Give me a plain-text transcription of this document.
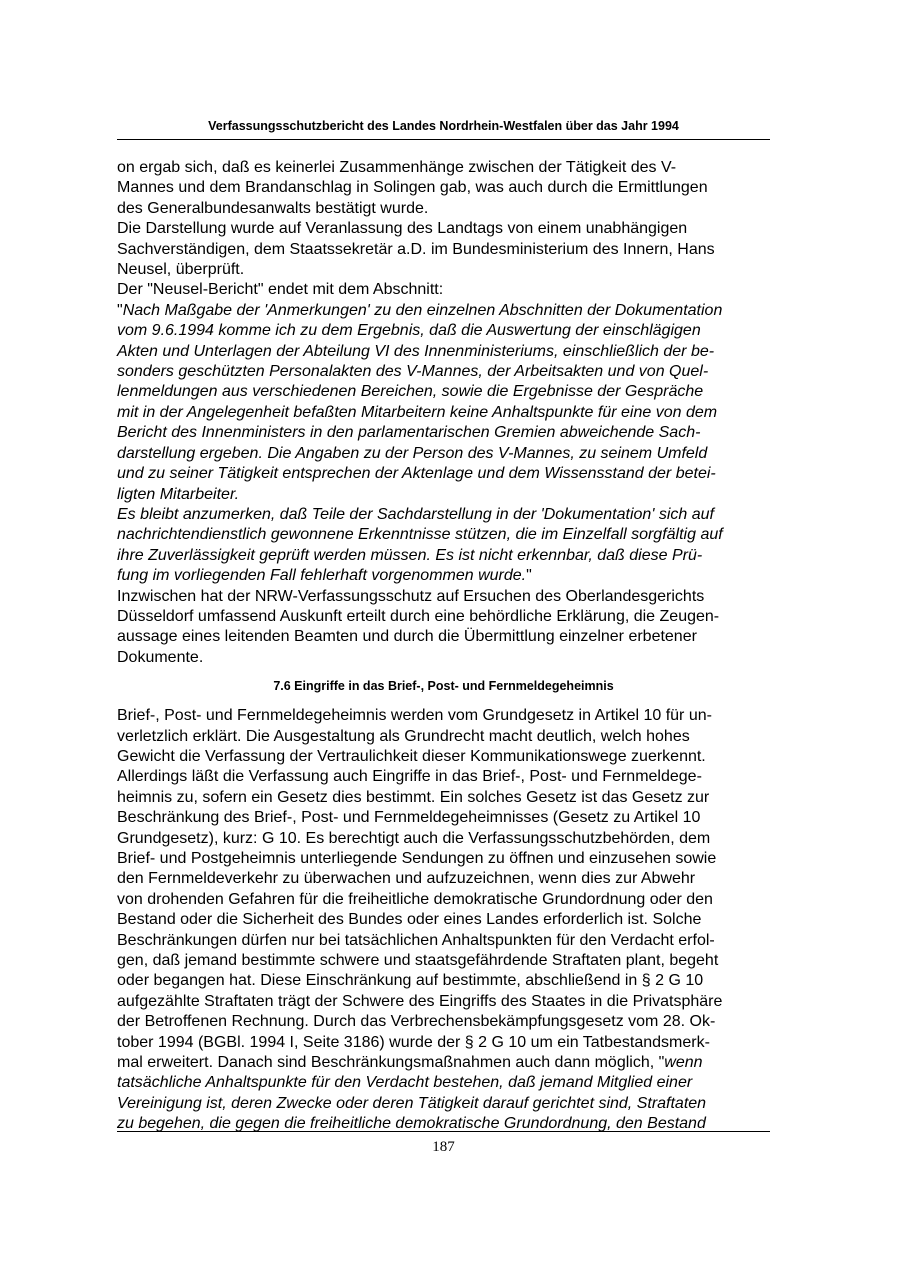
Verfassungsschutzbericht des Landes Nordrhein-Westfalen über das Jahr 1994
on ergab sich, daß es keinerlei Zusammenhänge zwischen der Tätigkeit des V-
Mannes und dem Brandanschlag in Solingen gab, was auch durch die Ermittlungen
des Generalbundesanwalts bestätigt wurde.
Die Darstellung wurde auf Veranlassung des Landtags von einem unabhängigen
Sachverständigen, dem Staatssekretär a.D. im Bundesministerium des Innern, Hans
Neusel, überprüft.
Der "Neusel-Bericht" endet mit dem Abschnitt:
"Nach Maßgabe der 'Anmerkungen' zu den einzelnen Abschnitten der Dokumentation
vom 9.6.1994 komme ich zu dem Ergebnis, daß die Auswertung der einschlägigen
Akten und Unterlagen der Abteilung VI des Innenministeriums, einschließlich der be-
sonders geschützten Personalakten des V-Mannes, der Arbeitsakten und von Quel-
lenmeldungen aus verschiedenen Bereichen, sowie die Ergebnisse der Gespräche
mit in der Angelegenheit befaßten Mitarbeitern keine Anhaltspunkte für eine von dem
Bericht des Innenministers in den parlamentarischen Gremien abweichende Sach-
darstellung ergeben. Die Angaben zu der Person des V-Mannes, zu seinem Umfeld
und zu seiner Tätigkeit entsprechen der Aktenlage und dem Wissensstand der betei-
ligten Mitarbeiter.
Es bleibt anzumerken, daß Teile der Sachdarstellung in der 'Dokumentation' sich auf
nachrichtendienstlich gewonnene Erkenntnisse stützen, die im Einzelfall sorgfältig auf
ihre Zuverlässigkeit geprüft werden müssen. Es ist nicht erkennbar, daß diese Prü-
fung im vorliegenden Fall fehlerhaft vorgenommen wurde."
Inzwischen hat der NRW-Verfassungsschutz auf Ersuchen des Oberlandesgerichts
Düsseldorf umfassend Auskunft erteilt durch eine behördliche Erklärung, die Zeugen-
aussage eines leitenden Beamten und durch die Übermittlung einzelner erbetener
Dokumente.
7.6 Eingriffe in das Brief-, Post- und Fernmeldegeheimnis
Brief-, Post- und Fernmeldegeheimnis werden vom Grundgesetz in Artikel 10 für un-
verletzlich erklärt. Die Ausgestaltung als Grundrecht macht deutlich, welch hohes
Gewicht die Verfassung der Vertraulichkeit dieser Kommunikationswege zuerkennt.
Allerdings läßt die Verfassung auch Eingriffe in das Brief-, Post- und Fernmeldege-
heimnis zu, sofern ein Gesetz dies bestimmt. Ein solches Gesetz ist das Gesetz zur
Beschränkung des Brief-, Post- und Fernmeldegeheimnisses (Gesetz zu Artikel 10
Grundgesetz), kurz: G 10. Es berechtigt auch die Verfassungsschutzbehörden, dem
Brief- und Postgeheimnis unterliegende Sendungen zu öffnen und einzusehen sowie
den Fernmeldeverkehr zu überwachen und aufzuzeichnen, wenn dies zur Abwehr
von drohenden Gefahren für die freiheitliche demokratische Grundordnung oder den
Bestand oder die Sicherheit des Bundes oder eines Landes erforderlich ist. Solche
Beschränkungen dürfen nur bei tatsächlichen Anhaltspunkten für den Verdacht erfol-
gen, daß jemand bestimmte schwere und staatsgefährdende Straftaten plant, begeht
oder begangen hat. Diese Einschränkung auf bestimmte, abschließend in § 2 G 10
aufgezählte Straftaten trägt der Schwere des Eingriffs des Staates in die Privatsphäre
der Betroffenen Rechnung. Durch das Verbrechensbekämpfungsgesetz vom 28. Ok-
tober 1994 (BGBl. 1994 I, Seite 3186) wurde der § 2 G 10 um ein Tatbestandsmerk-
mal erweitert. Danach sind Beschränkungsmaßnahmen auch dann möglich, "wenn
tatsächliche Anhaltspunkte für den Verdacht bestehen, daß jemand Mitglied einer
Vereinigung ist, deren Zwecke oder deren Tätigkeit darauf gerichtet sind, Straftaten
zu begehen, die gegen die freiheitliche demokratische Grundordnung, den Bestand
187
